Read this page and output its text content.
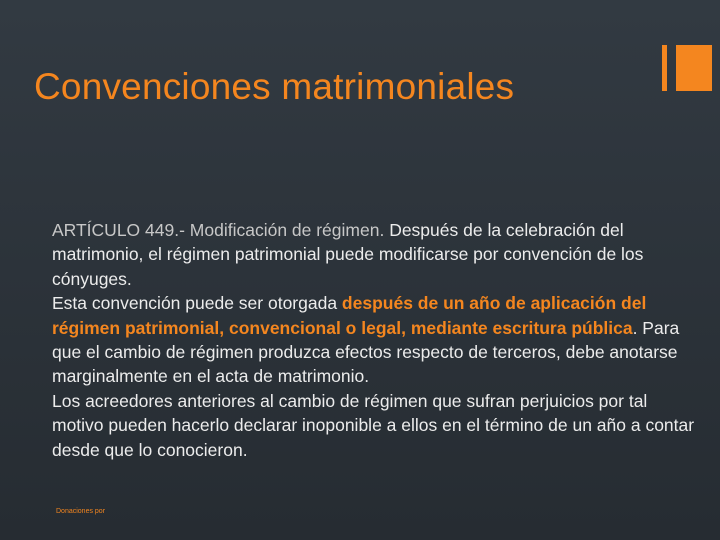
Convenciones matrimoniales

ARTÍCULO 449.- Modificación de régimen. Después de la celebración del matrimonio, el régimen patrimonial puede modificarse por convención de los cónyuges.

Esta convención puede ser otorgada después de un año de aplicación del régimen patrimonial, convencional o legal, mediante escritura pública. Para que el cambio de régimen produzca efectos respecto de terceros, debe anotarse marginalmente en el acta de matrimonio.

Los acreedores anteriores al cambio de régimen que sufran perjuicios por tal motivo pueden hacerlo declarar inoponible a ellos en el término de un año a contar desde que lo conocieron.

Donaciones por
